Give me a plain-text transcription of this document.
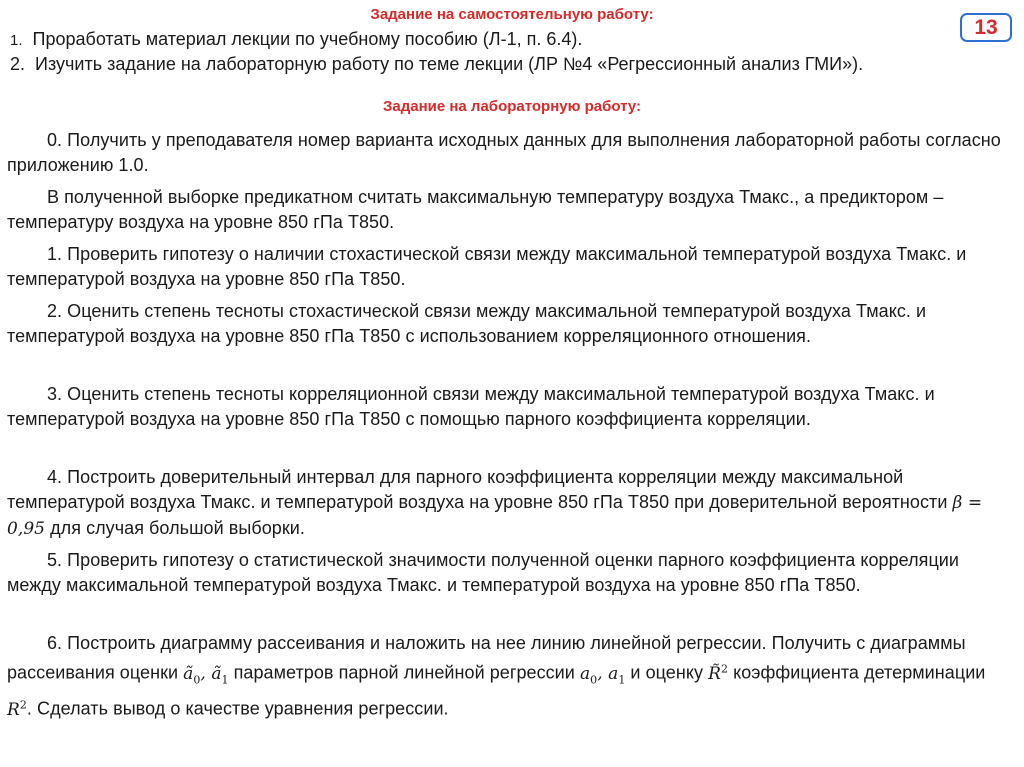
13
Задание на самостоятельную работу:
1. Проработать материал лекции по учебному пособию (Л-1, п. 6.4).
2. Изучить задание на лабораторную работу по теме лекции (ЛР №4 «Регрессионный анализ ГМИ»).
Задание на лабораторную работу:
0. Получить у преподавателя номер варианта исходных данных для выполнения лабораторной работы согласно приложению 1.0.
В полученной выборке предикатном считать максимальную температуру воздуха Тмакс., а предиктором – температуру воздуха на уровне 850 гПа Т850.
1. Проверить гипотезу о наличии стохастической связи между максимальной температурой воздуха Тмакс. и температурой воздуха на уровне 850 гПа Т850.
2. Оценить степень тесноты стохастической связи между максимальной температурой воздуха Тмакс. и температурой воздуха на уровне 850 гПа Т850 с использованием корреляционного отношения.
3. Оценить степень тесноты корреляционной связи между максимальной температурой воздуха Тмакс. и температурой воздуха на уровне 850 гПа Т850 с помощью парного коэффициента корреляции.
4. Построить доверительный интервал для парного коэффициента корреляции между максимальной температурой воздуха Тмакс. и температурой воздуха на уровне 850 гПа Т850 при доверительной вероятности β = 0,95 для случая большой выборки.
5. Проверить гипотезу о статистической значимости полученной оценки парного коэффициента корреляции между максимальной температурой воздуха Тмакс. и температурой воздуха на уровне 850 гПа Т850.
6. Построить диаграмму рассеивания и наложить на нее линию линейной регрессии. Получить с диаграммы рассеивания оценки $ã_0$, $ã_1$ параметров парной линейной регрессии $a_0$, $a_1$ и оценку R̃$^2$ коэффициента детерминации $R^2$. Сделать вывод о качестве уравнения регрессии.
